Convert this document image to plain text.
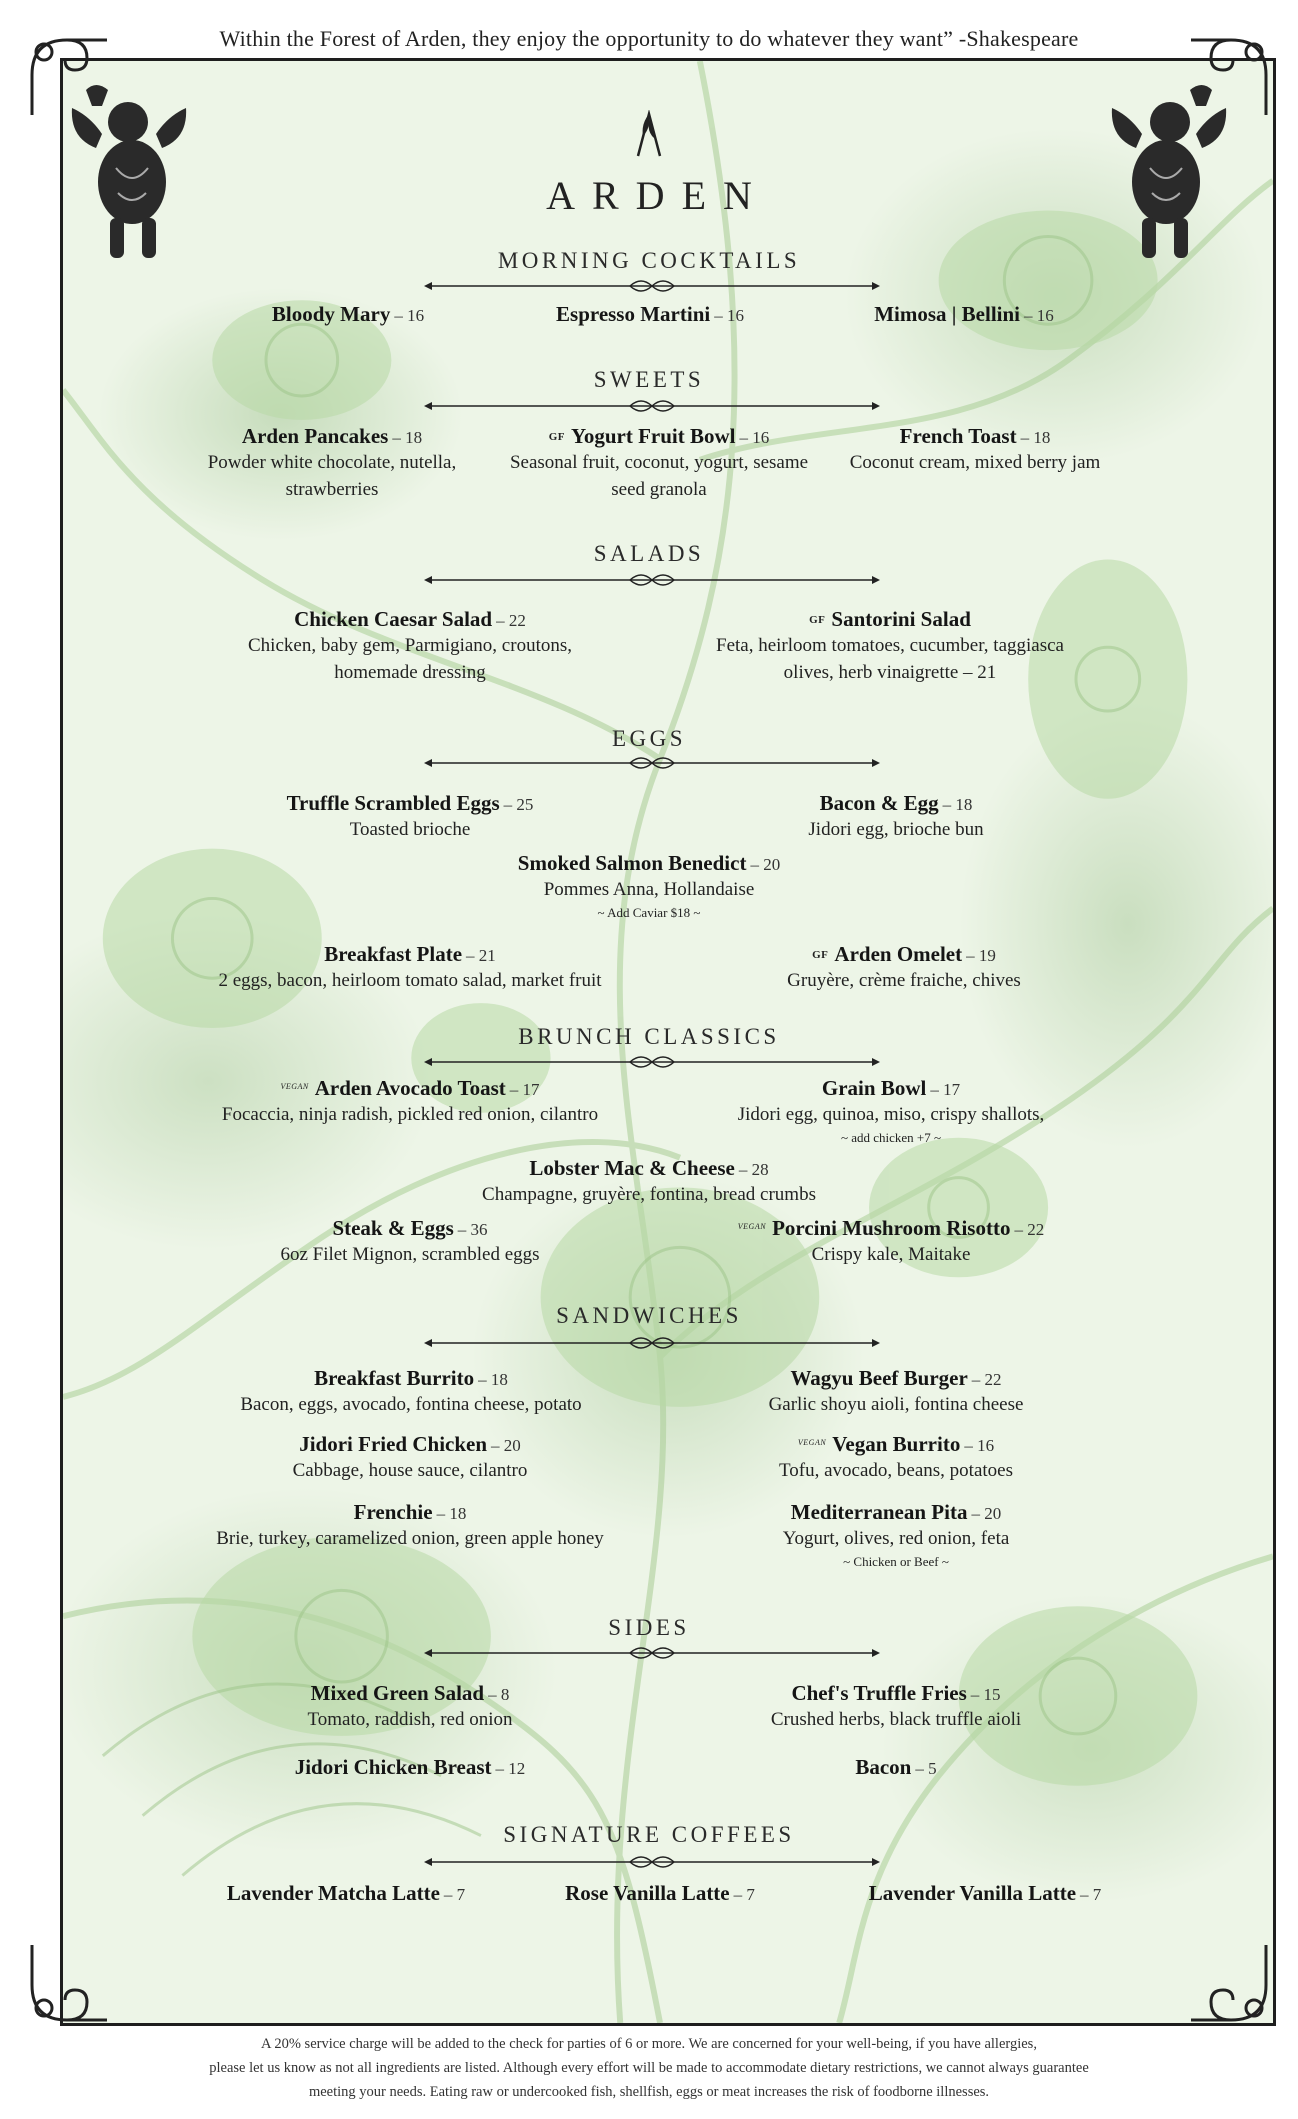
Within the Forest of Arden, they enjoy the opportunity to do whatever they want” -Shakespeare
ARDEN
MORNING COCKTAILS
Bloody Mary – 16	Espresso Martini – 16	Mimosa | Bellini – 16
SWEETS
Arden Pancakes – 18
Powder white chocolate, nutella, strawberries
GF Yogurt Fruit Bowl – 16
Seasonal fruit, coconut, yogurt, sesame seed granola
French Toast – 18
Coconut cream, mixed berry jam
SALADS
Chicken Caesar Salad – 22
Chicken, baby gem, Parmigiano, croutons, homemade dressing
GF Santorini Salad
Feta, heirloom tomatoes, cucumber, taggiasca olives, herb vinaigrette – 21
EGGS
Truffle Scrambled Eggs – 25
Toasted brioche
Bacon & Egg – 18
Jidori egg, brioche bun
Smoked Salmon Benedict – 20
Pommes Anna, Hollandaise
~ Add Caviar $18 ~
Breakfast Plate – 21
2 eggs, bacon, heirloom tomato salad, market fruit
GF Arden Omelet – 19
Gruyère, crème fraiche, chives
BRUNCH CLASSICS
$^{VEGAN}$ Arden Avocado Toast – 17
Focaccia, ninja radish, pickled red onion, cilantro
Grain Bowl – 17
Jidori egg, quinoa, miso, crispy shallots,
~ add chicken +7 ~
Lobster Mac & Cheese – 28
Champagne, gruyère, fontina, bread crumbs
Steak & Eggs – 36
6oz Filet Mignon, scrambled eggs
$^{VEGAN}$ Porcini Mushroom Risotto – 22
Crispy kale, Maitake
SANDWICHES
Breakfast Burrito – 18
Bacon, eggs, avocado, fontina cheese, potato
Wagyu Beef Burger – 22
Garlic shoyu aioli, fontina cheese
Jidori Fried Chicken – 20
Cabbage, house sauce, cilantro
$^{VEGAN}$ Vegan Burrito – 16
Tofu, avocado, beans, potatoes
Frenchie – 18
Brie, turkey, caramelized onion, green apple honey
Mediterranean Pita – 20
Yogurt, olives, red onion, feta
~ Chicken or Beef ~
SIDES
Mixed Green Salad – 8
Tomato, raddish, red onion
Chef's Truffle Fries – 15
Crushed herbs, black truffle aioli
Jidori Chicken Breast – 12	Bacon – 5
SIGNATURE COFFEES
Lavender Matcha Latte – 7	Rose Vanilla Latte – 7	Lavender Vanilla Latte – 7
A 20% service charge will be added to the check for parties of 6 or more. We are concerned for your well-being, if you have allergies,
please let us know as not all ingredients are listed. Although every effort will be made to accommodate dietary restrictions, we cannot always guarantee
meeting your needs. Eating raw or undercooked fish, shellfish, eggs or meat increases the risk of foodborne illnesses.
